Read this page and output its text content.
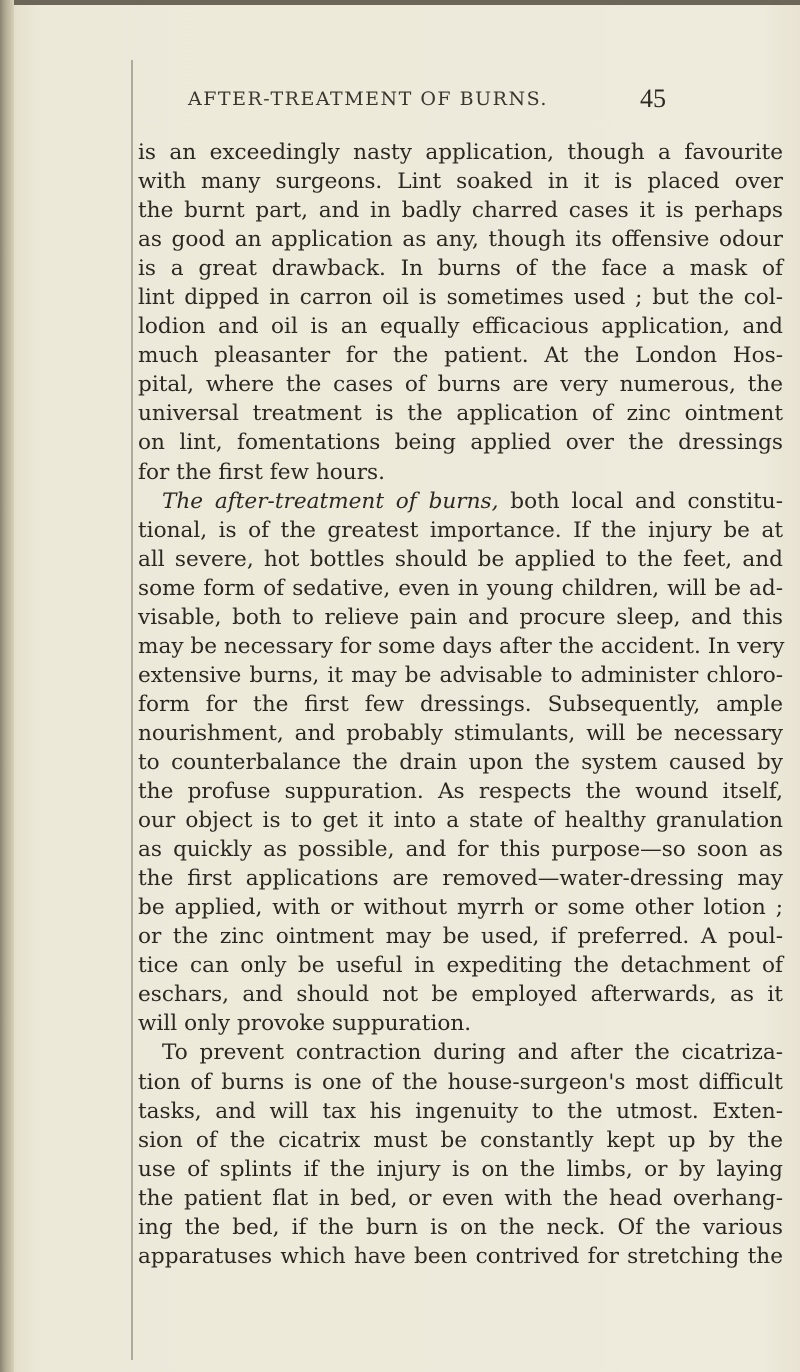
AFTER-TREATMENT OF BURNS.	45
is an exceedingly nasty application, though a favourite
with many surgeons. Lint soaked in it is placed over
the burnt part, and in badly charred cases it is perhaps
as good an application as any, though its offensive odour
is a great drawback. In burns of the face a mask of
lint dipped in carron oil is sometimes used ; but the col-
lodion and oil is an equally efficacious application, and
much pleasanter for the patient. At the London Hos-
pital, where the cases of burns are very numerous, the
universal treatment is the application of zinc ointment
on lint, fomentations being applied over the dressings
for the first few hours.
The after-treatment of burns, both local and constitu-
tional, is of the greatest importance. If the injury be at
all severe, hot bottles should be applied to the feet, and
some form of sedative, even in young children, will be ad-
visable, both to relieve pain and procure sleep, and this
may be necessary for some days after the accident. In very
extensive burns, it may be advisable to administer chloro-
form for the first few dressings. Subsequently, ample
nourishment, and probably stimulants, will be necessary
to counterbalance the drain upon the system caused by
the profuse suppuration. As respects the wound itself,
our object is to get it into a state of healthy granulation
as quickly as possible, and for this purpose—so soon as
the first applications are removed—water-dressing may
be applied, with or without myrrh or some other lotion ;
or the zinc ointment may be used, if preferred. A poul-
tice can only be useful in expediting the detachment of
eschars, and should not be employed afterwards, as it
will only provoke suppuration.
To prevent contraction during and after the cicatriza-
tion of burns is one of the house-surgeon's most difficult
tasks, and will tax his ingenuity to the utmost. Exten-
sion of the cicatrix must be constantly kept up by the
use of splints if the injury is on the limbs, or by laying
the patient flat in bed, or even with the head overhang-
ing the bed, if the burn is on the neck. Of the various
apparatuses which have been contrived for stretching the
